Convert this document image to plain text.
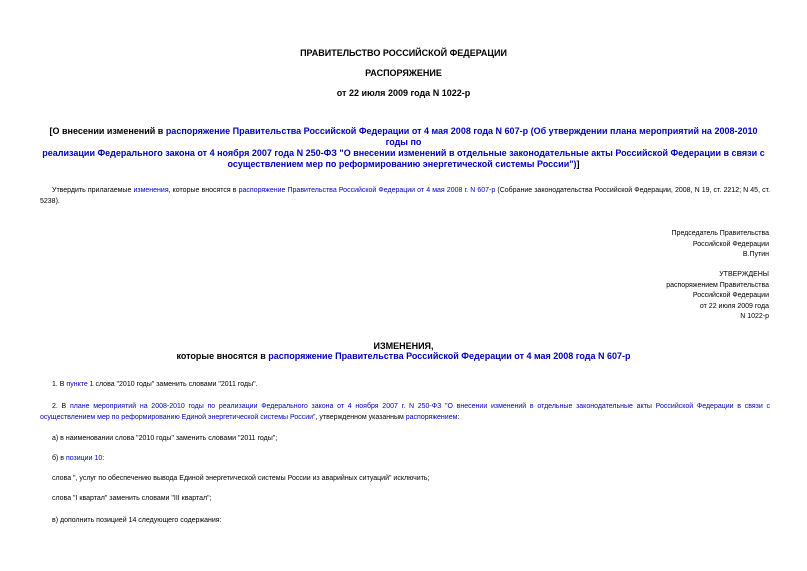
ПРАВИТЕЛЬСТВО РОССИЙСКОЙ ФЕДЕРАЦИИ
РАСПОРЯЖЕНИЕ
от 22 июля 2009 года N 1022-р
[О внесении изменений в распоряжение Правительства Российской Федерации от 4 мая 2008 года N 607-р (Об утверждении плана мероприятий на 2008-2010 годы по
реализации Федерального закона от 4 ноября 2007 года N 250-ФЗ "О внесении изменений в отдельные законодательные акты Российской Федерации в связи с осуществлением мер по реформированию энергетической системы России")]
Утвердить прилагаемые изменения, которые вносятся в распоряжение Правительства Российской Федерации от 4 мая 2008 г. N 607-р (Собрание законодательства Российской Федерации, 2008, N 19, ст. 2212; N 45, ст. 5238).
Председатель Правительства
Российской Федерации
В.Путин
УТВЕРЖДЕНЫ
распоряжением Правительства
Российской Федерации
от 22 июля 2009 года
N 1022-р
ИЗМЕНЕНИЯ,
которые вносятся в распоряжение Правительства Российской Федерации от 4 мая 2008 года N 607-р
1. В пункте 1 слова "2010 годы" заменить словами "2011 годы".
2. В плане мероприятий на 2008-2010 годы по реализации Федерального закона от 4 ноября 2007 г. N 250-ФЗ "О внесении изменений в отдельные законодательные акты Российской Федерации в связи с осуществлением мер по реформированию Единой энергетической системы России", утвержденном указанным распоряжением:
а) в наименовании слова "2010 годы" заменить словами "2011 годы";
б) в позиции 10:
слова ", услуг по обеспечению вывода Единой энергетической системы России из аварийных ситуаций" исключить;
слова "I квартал" заменить словами "III квартал";
в) дополнить позицией 14 следующего содержания:
